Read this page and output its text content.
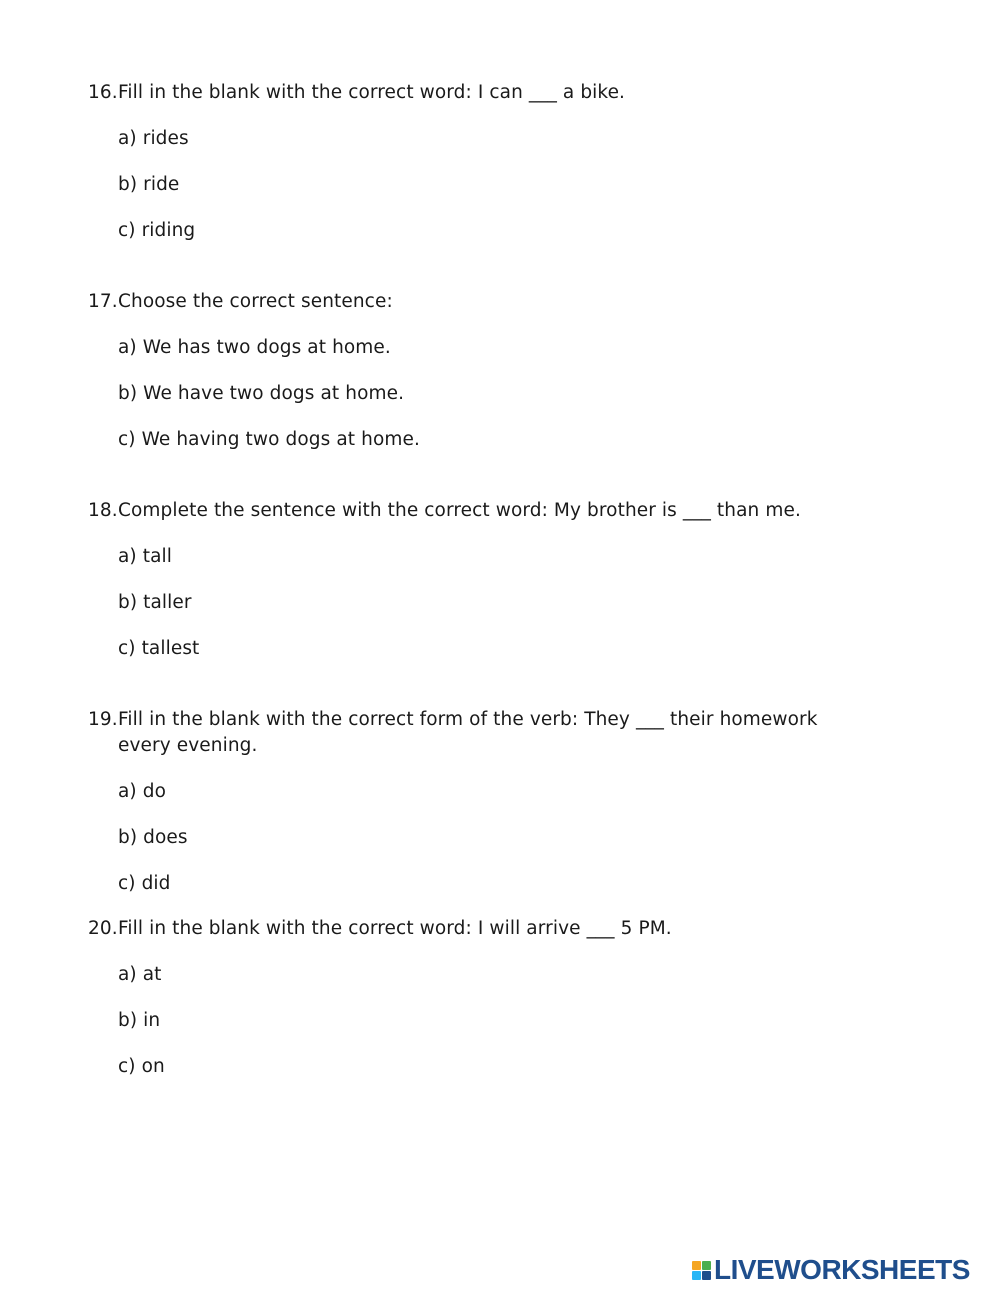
16. Fill in the blank with the correct word: I can ___ a bike.
a) rides
b) ride
c) riding
17. Choose the correct sentence:
a) We has two dogs at home.
b) We have two dogs at home.
c) We having two dogs at home.
18. Complete the sentence with the correct word: My brother is ___ than me.
a) tall
b) taller
c) tallest
19. Fill in the blank with the correct form of the verb: They ___ their homework every evening.
a) do
b) does
c) did
20. Fill in the blank with the correct word: I will arrive ___ 5 PM.
a) at
b) in
c) on
LIVEWORKSHEETS
